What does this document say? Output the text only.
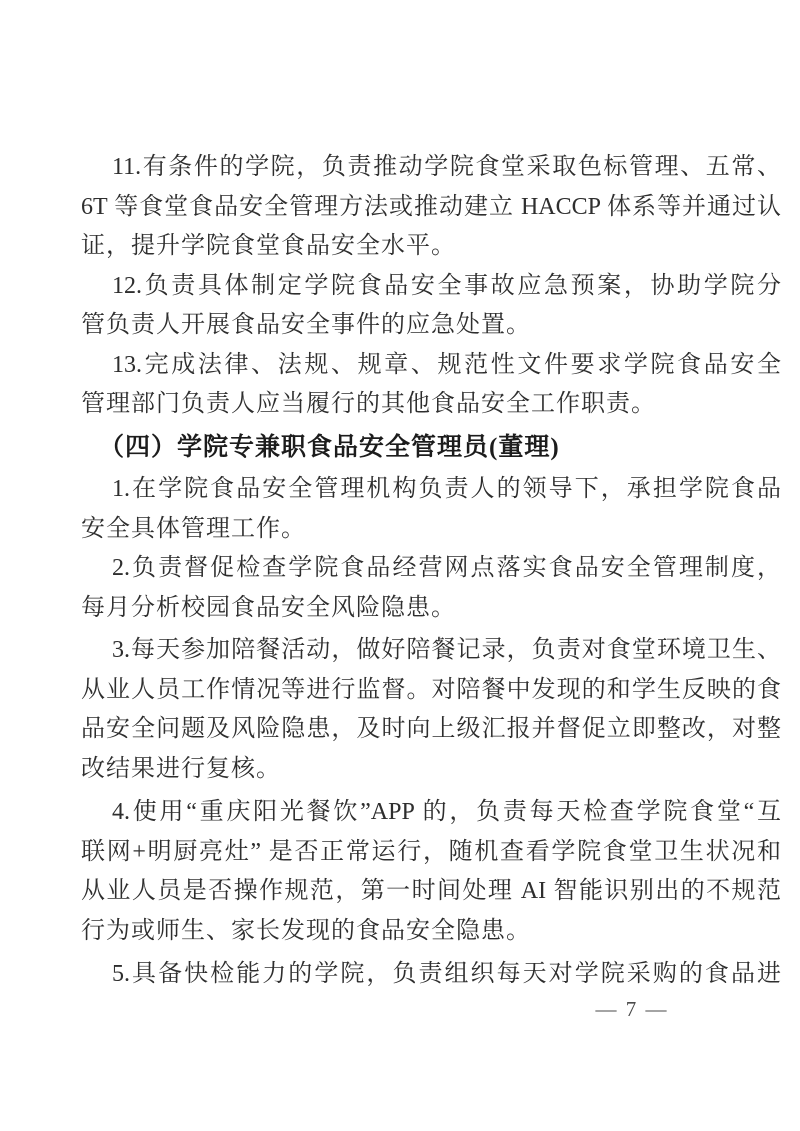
11.有条件的学院，负责推动学院食堂采取色标管理、五常、
6T 等食堂食品安全管理方法或推动建立 HACCP 体系等并通过认
证，提升学院食堂食品安全水平。
12.负责具体制定学院食品安全事故应急预案，协助学院分
管负责人开展食品安全事件的应急处置。
13.完成法律、法规、规章、规范性文件要求学院食品安全
管理部门负责人应当履行的其他食品安全工作职责。
（四）学院专兼职食品安全管理员(董理)
1.在学院食品安全管理机构负责人的领导下，承担学院食品
安全具体管理工作。
2.负责督促检查学院食品经营网点落实食品安全管理制度，
每月分析校园食品安全风险隐患。
3.每天参加陪餐活动，做好陪餐记录，负责对食堂环境卫生、
从业人员工作情况等进行监督。对陪餐中发现的和学生反映的食
品安全问题及风险隐患，及时向上级汇报并督促立即整改，对整
改结果进行复核。
4.使用“重庆阳光餐饮”APP 的，负责每天检查学院食堂“互
联网+明厨亮灶” 是否正常运行，随机查看学院食堂卫生状况和
从业人员是否操作规范，第一时间处理 AI 智能识别出的不规范
行为或师生、家长发现的食品安全隐患。
5.具备快检能力的学院，负责组织每天对学院采购的食品进
— 7 —
